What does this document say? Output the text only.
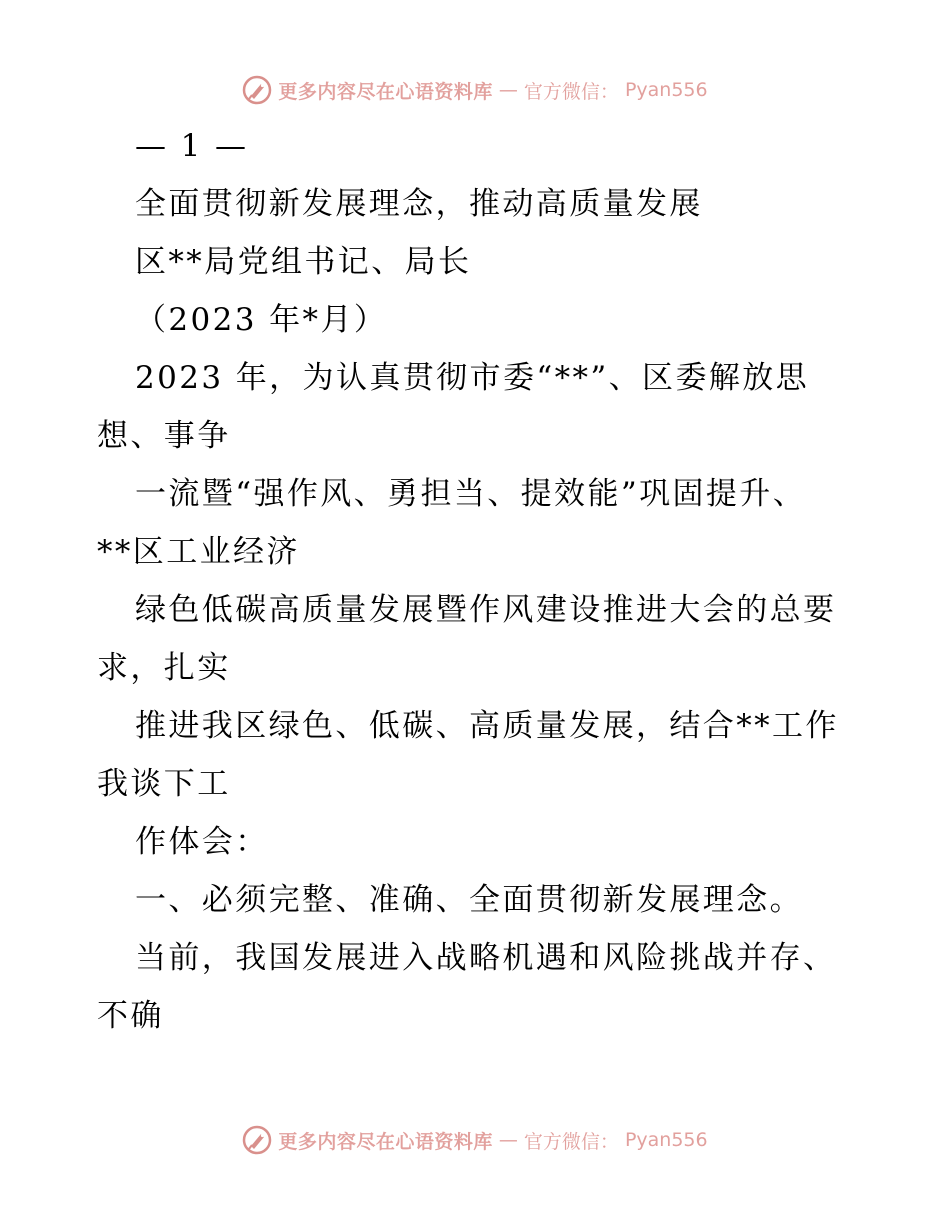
更多内容尽在心语资料库 — 官方微信： Pyan556
— 1 —
全面贯彻新发展理念，推动高质量发展
区**局党组书记、局长
（2023 年*月）
2023 年，为认真贯彻市委“**”、区委解放思
想、事争
一流暨“强作风、勇担当、提效能”巩固提升、
**区工业经济
绿色低碳高质量发展暨作风建设推进大会的总要
求，扎实
推进我区绿色、低碳、高质量发展，结合**工作
我谈下工
作体会：
一、必须完整、准确、全面贯彻新发展理念。
当前，我国发展进入战略机遇和风险挑战并存、
不确
更多内容尽在心语资料库 — 官方微信： Pyan556
